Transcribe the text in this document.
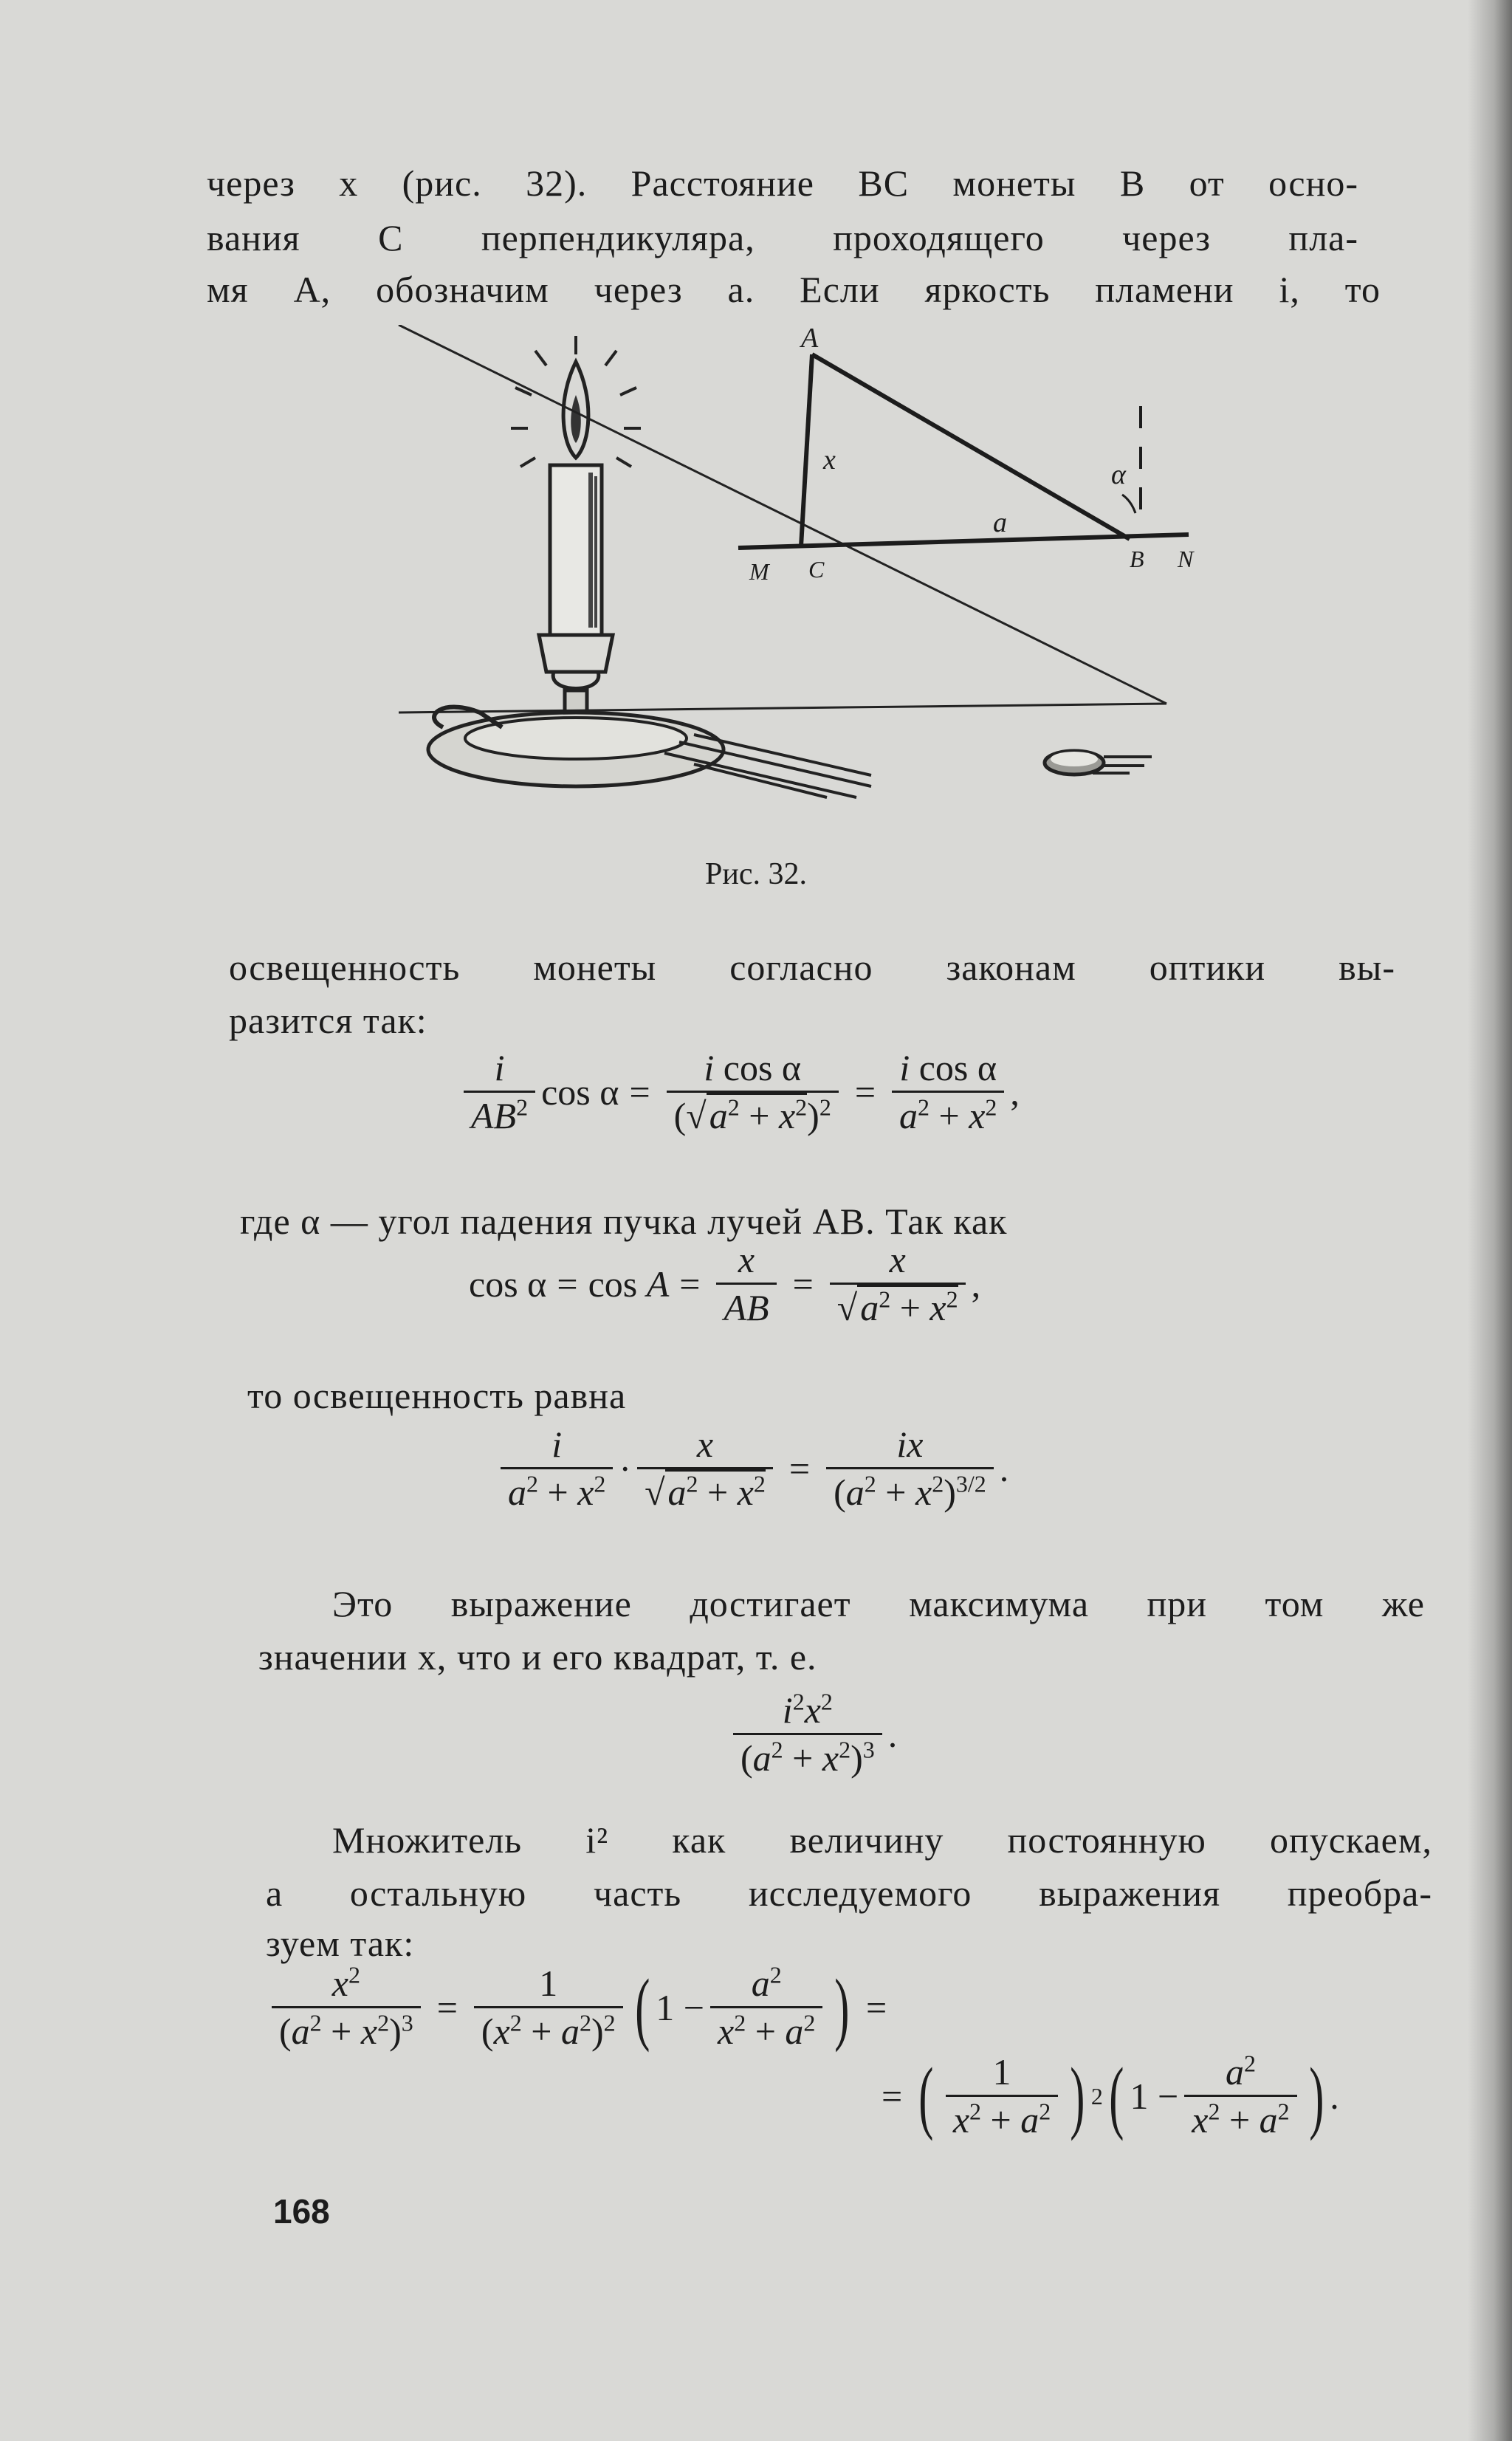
через x (рис. 32). Расстояние BC монеты B от осно-
вания C перпендикуляра, проходящего через пла-
мя A, обозначим через a. Если яркость пламени i, то
A
x	α
a
M C	B N
Рис. 32.
освещенность монеты согласно законам оптики вы-
разится так:
$\frac{i}{AB^2}$ $\cos \alpha = \frac{\text{i cos α}}{(√a^2 + x^2)^2} = \frac{\text{i cos α}}{a^2 + x^2}$ ,
где α — угол падения пучка лучей AB. Так как
$\cos \alpha = \cos A = \frac{x}{AB} = \frac{x}{√a^2 + x^2}$ ,
то освещенность равна
$\frac{i}{a^2 + x^2} \cdot \frac{x}{√a^2 + x^2} = \frac{ix}{(a^2 + x^2)^{3/2}}$ .
Это выражение достигает максимума при том же
значении x, что и его квадрат, т. е.
$\frac{i^2x^2}{(a^2 + x^2)^3}$ .
Множитель i² как величину постоянную опускаем,
а остальную часть исследуемого выражения преобра-
зуем так:
$\frac{x^2}{(a^2 + x^2)^3} = \frac{1}{(x^2 + a^2)^2}$ ( $1 - \frac{a^2}{x^2 + a^2}$ ) =
= ( $\frac{1}{x^2 + a^2}$ ) 2 ( $1 - \frac{a^2}{x^2 + a^2}$ ) .
168
